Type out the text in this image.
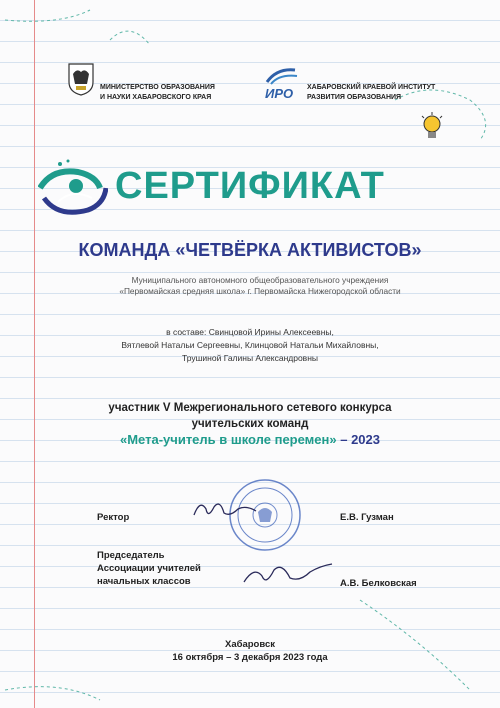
МИНИСТЕРСТВО ОБРАЗОВАНИЯ
И НАУКИ ХАБАРОВСКОГО КРАЯ	ИРО ХАБАРОВСКИЙ КРАЕВОЙ ИНСТИТУТ
РАЗВИТИЯ ОБРАЗОВАНИЯ
СЕРТИФИКАТ
КОМАНДА «ЧЕТВЁРКА АКТИВИСТОВ»
Муниципального автономного общеобразовательного учреждения
«Первомайская средняя школа» г. Первомайска Нижегородской области
в составе: Свинцовой Ирины Алексеевны,
Вятлевой Натальи Сергеевны, Клинцовой Натальи Михайловны,
Трушиной Галины Александровны
участник V Межрегионального сетевого конкурса
учительских команд
«Мета-учитель в школе перемен» – 2023
Ректор	Е.В. Гузман
Председатель
Ассоциации учителей
начальных классов	А.В. Белковская
Хабаровск
16 октября – 3 декабря 2023 года
